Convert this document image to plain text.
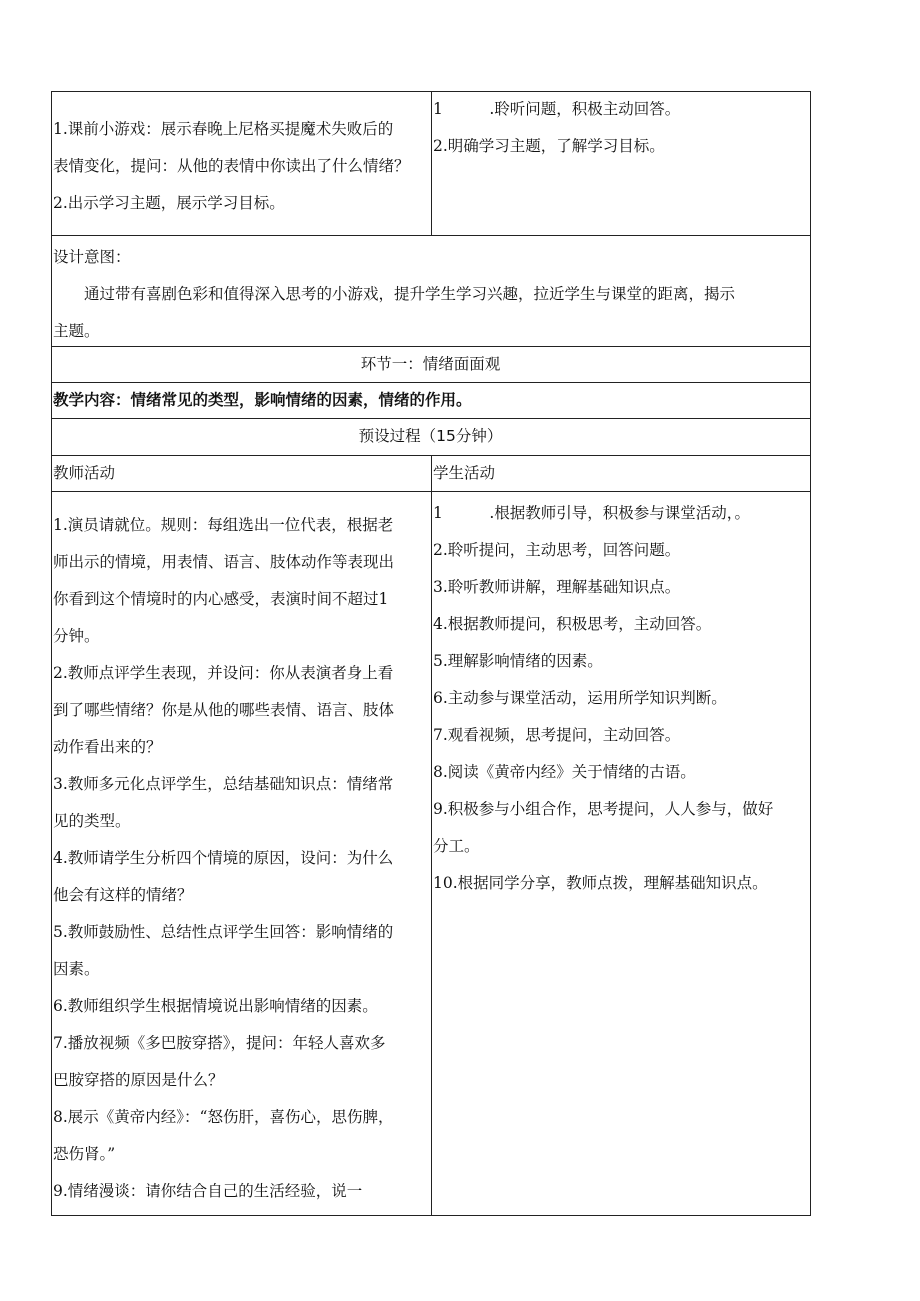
1.课前小游戏：展示春晚上尼格买提魔术失败后的
表情变化，提问：从他的表情中你读出了什么情绪？
2.出示学习主题，展示学习目标。
1　　　.聆听问题，积极主动回答。
2.明确学习主题，了解学习目标。
设计意图：
　　通过带有喜剧色彩和值得深入思考的小游戏，提升学生学习兴趣，拉近学生与课堂的距离，揭示
主题。
环节一：情绪面面观
教学内容：情绪常见的类型，影响情绪的因素，情绪的作用。
预设过程（15分钟）
教师活动	学生活动
1.演员请就位。规则：每组选出一位代表，根据老
师出示的情境，用表情、语言、肢体动作等表现出
你看到这个情境时的内心感受，表演时间不超过1
分钟。
2.教师点评学生表现，并设问：你从表演者身上看
到了哪些情绪？你是从他的哪些表情、语言、肢体
动作看出来的？
3.教师多元化点评学生，总结基础知识点：情绪常
见的类型。
4.教师请学生分析四个情境的原因，设问：为什么
他会有这样的情绪？
5.教师鼓励性、总结性点评学生回答：影响情绪的
因素。
6.教师组织学生根据情境说出影响情绪的因素。
7.播放视频《多巴胺穿搭》，提问：年轻人喜欢多
巴胺穿搭的原因是什么？
8.展示《黄帝内经》：“怒伤肝，喜伤心，思伤脾，
恐伤肾。”
9.情绪漫谈：请你结合自己的生活经验，说一
1　　　.根据教师引导，积极参与课堂活动，。
2.聆听提问，主动思考，回答问题。
3.聆听教师讲解，理解基础知识点。
4.根据教师提问，积极思考，主动回答。
5.理解影响情绪的因素。
6.主动参与课堂活动，运用所学知识判断。
7.观看视频，思考提问，主动回答。
8.阅读《黄帝内经》关于情绪的古语。
9.积极参与小组合作，思考提问，人人参与，做好
分工。
10.根据同学分享，教师点拨，理解基础知识点。
